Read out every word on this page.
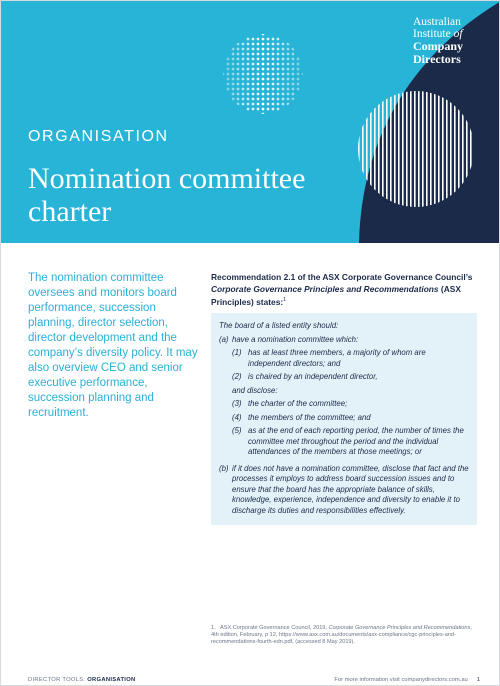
Australian
Institute of
Company
Directors
ORGANISATION
Nomination committee charter

The nomination committee oversees and monitors board performance, succession planning, director selection, director development and the company’s diversity policy. It may also overview CEO and senior executive performance, succession planning and recruitment.

Recommendation 2.1 of the ASX Corporate Governance Council’s Corporate Governance Principles and Recommendations (ASX Principles) states:$^1$

The board of a listed entity should:
(a) have a nomination committee which:
(1) has at least three members, a majority of whom are independent directors; and
(2) is chaired by an independent director,
and disclose:
(3) the charter of the committee;
(4) the members of the committee; and
(5) as at the end of each reporting period, the number of times the committee met throughout the period and the individual attendances of the members at those meetings; or
(b) if it does not have a nomination committee, disclose that fact and the processes it employs to address board succession issues and to ensure that the board has the appropriate balance of skills, knowledge, experience, independence and diversity to enable it to discharge its duties and responsibilities effectively.

1. ASX Corporate Governance Council, 2019, Corporate Governance Principles and Recommendations, 4th edition, February, p 12, https://www.asx.com.au/documents/asx-compliance/cgc-principles-and-recommendations-fourth-edn.pdf, (accessed 8 May 2019).

DIRECTOR TOOLS: ORGANISATION	For more information visit companydirectors.com.au 1
